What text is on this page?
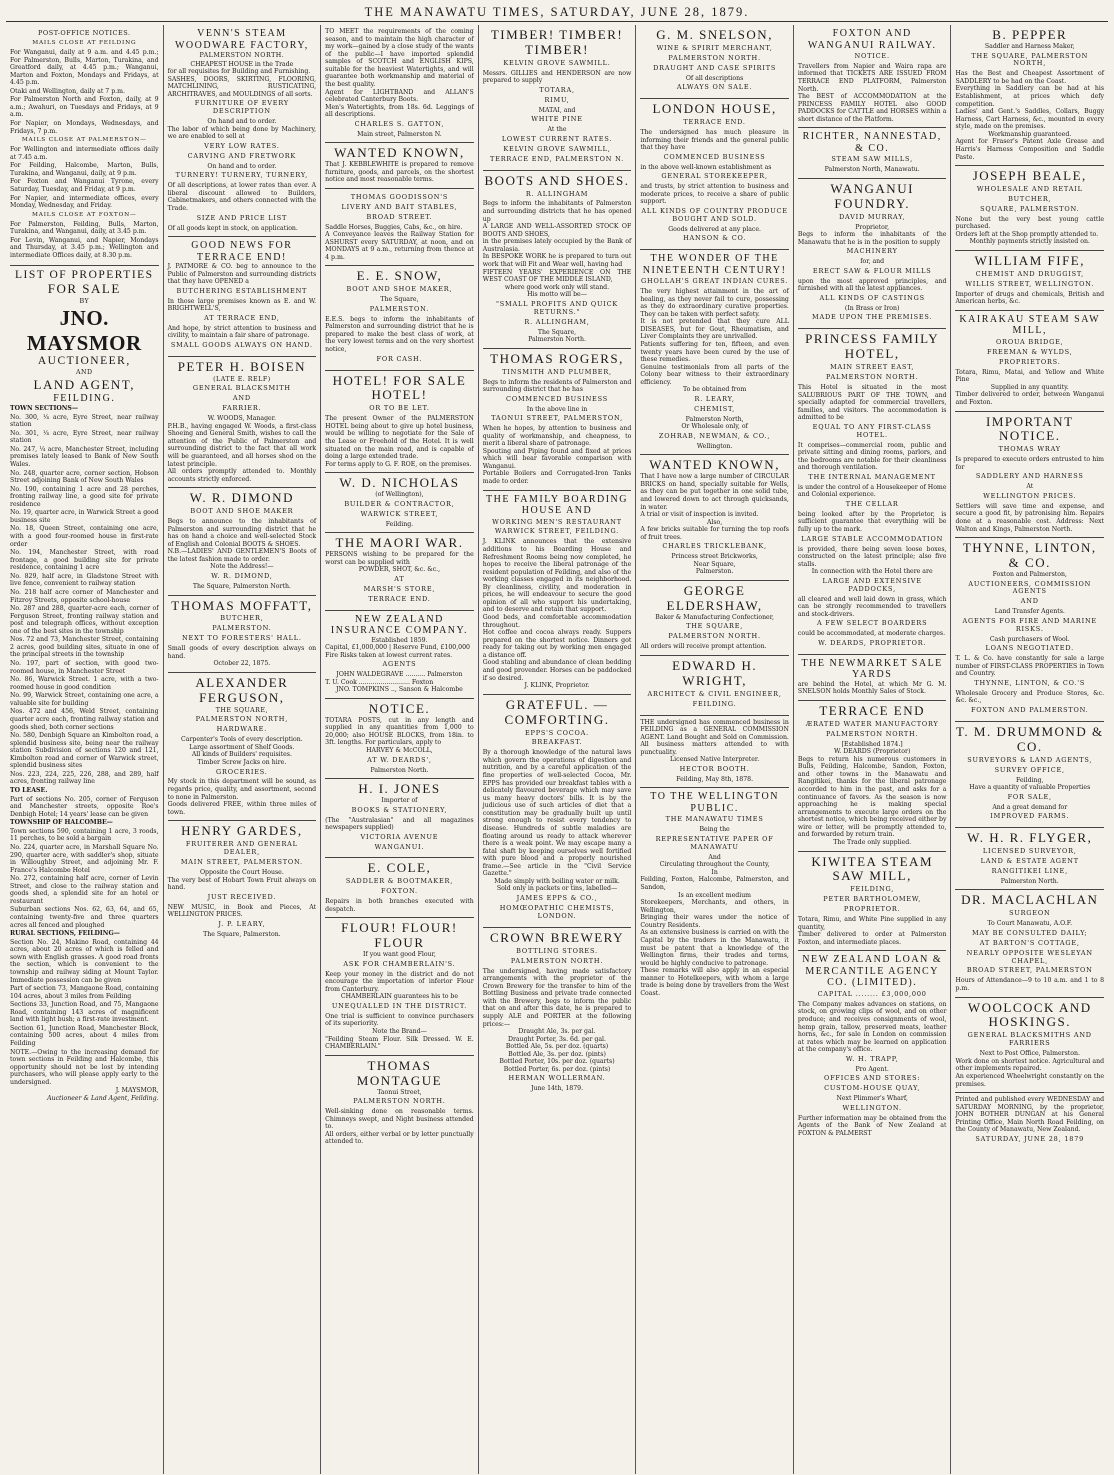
THE MANAWATU TIMES, SATURDAY, JUNE 28, 1879.
POST-OFFICE NOTICES.
MAILS CLOSE AT FEILDING
For Wanganui, daily at 9 a.m. and 4.45 p.m.; For Palmerston, Bulls, Marton, Turakina, and Greatford daily, at 4.45 p.m.; Wanganui, Marton and Foxton, Mondays and Fridays, at 4.45 p.m.
Otaki and Wellington, daily at 7 p.m.
For Palmerston North and Foxton, daily, at 9 a.m.; Awahuri, on Tuesdays and Fridays, at 9 a.m.
For Napier, on Mondays, Wednesdays, and Fridays, 7 p.m.
MAILS CLOSE AT PALMERSTON—
For Wellington and intermediate offices daily at 7.45 a.m.
For Feilding, Halcombe, Marton, Bulls, Turakina, and Wanganui, daily, at 9 p.m.
For Foxton and Wanganui Tyrone, every Saturday, Tuesday, and Friday, at 9 p.m.
For Napier, and intermediate offices, every Monday, Wednesday, and Friday.
MAILS CLOSE AT FOXTON—
For Palmerston, Feilding, Bulls, Marton, Turakina, and Wanganui, daily, at 3.45 p.m.
For Levin, Wanganui, and Napier, Mondays and Thursday, at 3.45 p.m.; Wellington and intermediate Offices daily, at 8.30 p.m.
LIST OF PROPERTIES
FOR SALE
BY
JNO. MAYSMOR
AUCTIONEER,
AND
LAND AGENT,
FEILDING.
TOWN SECTIONS—
No. 300, ¼ acre, Eyre Street, near railway station
No. 301, ¼ acre, Eyre Street, near railway station
No. 247, ¼ acre, Manchester Street, including premises lately leased to Bank of New South Wales.
No. 248, quarter acre, corner section, Hobson Street adjoining Bank of New South Wales
No. 190, containing 1 acre and 28 perches, fronting railway line, a good site for private residence
No. 19, quarter acre, in Warwick Street a good business site
No. 18, Queen Street, containing one acre, with a good four-roomed house in first-rate order
No. 194, Manchester Street, with road frontage, a good building site for private residence, containing 1 acre
No. 829, half acre, in Gladstone Street with live fence, convenient to railway station
No. 218 half acre corner of Manchester and Fitzroy Streets, opposite school-house
No. 287 and 288, quarter-acre each, corner of Ferguson Street, fronting railway station and post and telegraph offices, without exception one of the best sites in the township
Nos. 72 and 73, Manchester Street, containing 2 acres, good building sites, situate in one of the principal streets in the township
No. 197, part of section, with good two-roomed house, in Manchester Street
No. 86, Warwick Street. 1 acre, with a two-roomed house in good condition
No. 99, Warwick Street, containing one acre, a valuable site for building
Nos. 472 and 456, Weld Street, containing quarter acre each, fronting railway station and goods shed, both corner sections
No. 580, Denbigh Square an Kimbolton road, a splendid business site, being near the railway station Subdivision of sections 120 and 121, Kimbolton road and corner of Warwick street, splendid business sites
Nos. 223, 224, 225, 226, 288, and 289, half acres, fronting railway line
TO LEASE.
Part of sections No. 205, corner of Ferguson and Manchester streets, opposite Roe's Denbigh Hotel; 14 years' lease can be given
TOWNSHIP OF HALCOMBE—
Town sections 590, containing 1 acre, 3 roods, 11 perches, to be sold a bargain
No. 224, quarter acre, in Marshall Square No. 290, quarter acre, with saddler's shop, situate in Willoughby Street, and adjoining Mr. F. France's Halcombe Hotel
No. 272, containing half acre, corner of Levin Street, and close to the railway station and goods shed, a splendid site for an hotel or restaurant
Suburban sections Nos. 62, 63, 64, and 65, containing twenty-five and three quarters acres all fenced and ploughed
RURAL SECTIONS, FEILDING—
Section No. 24, Makino Road, containing 44 acres, about 20 acres of which is felled and sown with English grasses. A good road fronts the section, which is convenient to the township and railway siding at Mount Taylor. Immediate possession can be given
Part of section 73, Mangaone Road, containing 104 acres, about 3 miles from Feilding
Sections 33, Junction Road, and 75, Mangaone Road, containing 143 acres of magnificent land with light bush; a first-rate investment.
Section 61, Junction Road, Manchester Block, containing 500 acres, about 4 miles from Feilding
NOTE.—Owing to the increasing demand for town sections in Feilding and Halcombe, this opportunity should not be lost by intending purchasers, who will please apply early to the undersigned.
J. MAYSMOR,
Auctioneer & Land Agent, Feilding.
VENN'S STEAM WOODWARE FACTORY,
PALMERSTON NORTH.
CHEAPEST HOUSE in the Trade
for all requisites for Building and Furnishing.
SASHES, DOORS, SKIRTING, FLOORING, MATCHLINING, RUSTICATING, ARCHITRAVES, and MOULDINGS of all sorts.
FURNITURE OF EVERY DESCRIPTION
On hand and to order.
The labor of which being done by Machinery, we are enabled to sell at
VERY LOW RATES.
CARVING AND FRETWORK
On hand and to order.
TURNERY! TURNERY, TURNERY,
Of all descriptions, at lower rates than ever. A liberal discount allowed to Builders, Cabinetmakers, and others connected with the Trade.
SIZE AND PRICE LIST
Of all goods kept in stock, on application.
GOOD NEWS FOR TERRACE END!
J. PATMORE & CO. beg to announce to the Public of Palmerston and surrounding districts that they have OPENED a
BUTCHERING ESTABLISHMENT
In those large premises known as E. and W. BRIGHTWELL'S,
AT TERRACE END,
And hope, by strict attention to business and civility, to maintain a fair share of patronage.
SMALL GOODS ALWAYS ON HAND.
PETER H. BOISEN
(LATE E. RELF)
GENERAL BLACKSMITH
AND
FARRIER.
W. WOODS, Manager.
P.H.B., having engaged W. Woods, a first-class Shoeing and General Smith, wishes to call the attention of the Public of Palmerston and surrounding district to the fact that all work will be guaranteed, and all horses shod on the latest principle.
All orders promptly attended to. Monthly accounts strictly enforced.
W. R. DIMOND
BOOT AND SHOE MAKER
Begs to announce to the inhabitants of Palmerston and surrounding district that he has on hand a choice and well-selected Stock of English and Colonial BOOTS & SHOES.
N.B.—LADIES' AND GENTLEMEN'S Boots of the latest fashion made to order.
Note the Address!—
W. R. DIMOND,
The Square, Palmerston North.
THOMAS MOFFATT,
BUTCHER,
PALMERSTON.
NEXT TO FORESTERS' HALL.
Small goods of every description always on hand.
October 22, 1875.
ALEXANDER FERGUSON,
THE SQUARE,
PALMERSTON NORTH,
HARDWARE.
Carpenter's Tools of every description.
Large assortment of Shelf Goods.
All kinds of Builders' requisites.
Timber Screw Jacks on hire.
GROCERIES.
My stock in this department will be sound, as regards price, quality, and assortment, second to none in Palmerston.
Goods delivered FREE, within three miles of town.
HENRY GARDES,
FRUITERER AND GENERAL DEALER,
MAIN STREET, PALMERSTON.
Opposite the Court House.
The very best of Hobart Town Fruit always on hand.
JUST RECEIVED.
NEW MUSIC, in Book and Pieces, At WELLINGTON PRICES.
J. P. LEARY,
The Square, Palmerston.
TO MEET the requirements of the coming season, and to maintain the high character of my work—gained by a close study of the wants of the public—I have imported splendid samples of SCOTCH and ENGLISH KIPS, suitable for the heaviest Watertights, and will guarantee both workmanship and material of the best quality.
Agent for LIGHTBAND and ALLAN'S celebrated Canterbury Boots.
Men's Watertights, from 18s. 6d. Leggings of all descriptions.
CHARLES S. GATTON,
Main street, Palmerston N.
WANTED KNOWN,
That J. KEBBLEWHITE is prepared to remove furniture, goods, and parcels, on the shortest notice and most reasonable terms.
THOMAS GOODISSON'S
LIVERY AND BAIT STABLES,
BROAD STREET.
Saddle Horses, Buggies, Cabs, &c., on hire.
A Conveyance leaves the Railway Station for ASHURST every SATURDAY, at noon, and on MONDAYS at 9 a.m., returning from thence at 4 p.m.
E. E. SNOW,
BOOT AND SHOE MAKER,
The Square,
PALMERSTON.
E.E.S. begs to inform the inhabitants of Palmerston and surrounding district that he is prepared to make the best class of work, at the very lowest terms and on the very shortest notice,
FOR CASH.
HOTEL! FOR SALE HOTEL!
OR TO BE LET.
The present Owner of the PALMERSTON HOTEL being about to give up hotel business, would be willing to negotiate for the Sale of the Lease or Freehold of the Hotel. It is well situated on the main road, and is capable of doing a large extended trade.
For terms apply to G. F. ROE, on the premises.
W. D. NICHOLAS
(of Wellington),
BUILDER & CONTRACTOR,
WARWICK STREET,
Feilding.
THE MAORI WAR.
PERSONS wishing to be prepared for the worst can be supplied with
POWDER, SHOT, &c. &c.,
AT
MARSH'S STORE,
TERRACE END.
NEW ZEALAND INSURANCE COMPANY.
Established 1859.
Capital, £1,000,000 | Reserve Fund, £100,000
Fire Risks taken at lowest current rates.
AGENTS
JOHN WALDEGRAVE .......... Palmerston
T. U. Cook .......................... Foxton
JNO. TOMPKINS .., Sanson & Halcombe
NOTICE.
TOTARA POSTS, cut in any length and supplied in any quantities from 1,000 to 20,000; also HOUSE BLOCKS, from 18in. to 3ft. lengths. For particulars, apply to
HARVEY & McCOLL,
AT W. DEARDS',
Palmerston North.
H. I. JONES
Importer of
BOOKS & STATIONERY,
(The "Australasian" and all magazines newspapers supplied)
VICTORIA AVENUE
WANGANUI.
E. COLE,
SADDLER & BOOTMAKER,
FOXTON.
Repairs in both branches executed with despatch.
FLOUR! FLOUR! FLOUR
If you want good Flour,
ASK FOR CHAMBERLAIN'S.
Keep your money in the district and do not encourage the importation of inferior Flour from Canterbury.
CHAMBERLAIN guarantees his to be
UNEQUALLED IN THE DISTRICT.
One trial is sufficient to convince purchasers of its superiority.
Note the Brand—
"Feilding Steam Flour. Silk Dressed. W. E. CHAMBERLAIN."
THOMAS MONTAGUE
Taonui Street,
PALMERSTON NORTH.
Well-sinking done on reasonable terms. Chimneys swept, and Night business attended to.
All orders, either verbal or by letter punctually attended to.
TIMBER! TIMBER! TIMBER!
KELVIN GROVE SAWMILL.
Messrs. GILLIES and HENDERSON are now prepared to supply
TOTARA,
RIMU,
MATAI, and
WHITE PINE
At the
LOWEST CURRENT RATES.
KELVIN GROVE SAWMILL,
TERRACE END, PALMERSTON N.
BOOTS AND SHOES.
R. ALLINGHAM
Begs to inform the inhabitants of Palmerston and surrounding districts that he has opened up
A LARGE AND WELL-ASSORTED STOCK OF BOOTS AND SHOES,
in the premises lately occupied by the Bank of Australasia.
In BESPOKE WORK he is prepared to turn out work that will Fit and Wear well, having had
FIFTEEN YEARS' EXPERIENCE ON THE WEST COAST OF THE MIDDLE ISLAND,
where good work only will stand.
His motto will be—
"SMALL PROFITS AND QUICK RETURNS."
R. ALLINGHAM,
The Square,
Palmerston North.
THOMAS ROGERS,
TINSMITH AND PLUMBER,
Begs to inform the residents of Palmerston and surrounding district that he has
COMMENCED BUSINESS
In the above line in
TAONUI STREET, PALMERSTON,
When he hopes, by attention to business and quality of workmanship, and cheapness, to merit a liberal share of patronage.
Spouting and Piping found and fixed at prices which will bear favorable comparison with Wanganui.
Portable Boilers and Corrugated-Iron Tanks made to order.
THE FAMILY BOARDING HOUSE AND
WORKING MEN'S RESTAURANT
WARWICK STREET, FEILDING.
J. KLINK announces that the extensive additions to his Boarding House and Refreshment Rooms being now completed, he hopes to receive the liberal patronage of the resident population of Feilding, and also of the working classes engaged in its neighborhood. By cleanliness, civility, and moderation in prices, he will endeavour to secure the good opinion of all who support his undertaking, and to deserve and retain that support.
Good beds, and comfortable accommodation throughout.
Hot coffee and cocoa always ready. Suppers prepared on the shortest notice. Dinners got ready for taking out by working men engaged a distance off.
Good stabling and abundance of clean bedding and good provender. Horses can be paddocked if so desired.
J. KLINK, Proprietor.
GRATEFUL. — COMFORTING.
EPPS'S COCOA.
BREAKFAST.
By a thorough knowledge of the natural laws which govern the operations of digestion and nutrition, and by a careful application of the fine properties of well-selected Cocoa, Mr. EPPS has provided our breakfast tables with a delicately flavoured beverage which may save us many heavy doctors' bills. It is by the judicious use of such articles of diet that a constitution may be gradually built up until strong enough to resist every tendency to disease. Hundreds of subtle maladies are floating around us ready to attack wherever there is a weak point. We may escape many a fatal shaft by keeping ourselves well fortified with pure blood and a properly nourished frame.—See article in the "Civil Service Gazette."
Made simply with boiling water or milk.
Sold only in packets or tins, labelled—
JAMES EPPS & CO.,
HOMŒOPATHIC CHEMISTS, LONDON.
CROWN BREWERY
BOTTLING STORES.
PALMERSTON NORTH.
The undersigned, having made satisfactory arrangements with the proprietor of the Crown Brewery for the transfer to him of the Bottling Business and private trade connected with the Brewery, begs to inform the public that on and after this date, he is prepared to supply ALE and PORTER at the following prices:—
Draught Ale, 3s. per gal.
Draught Porter, 3s. 6d. per gal.
Bottled Ale, 5s. per doz. (quarts)
Bottled Ale, 3s. per doz. (pints)
Bottled Porter, 10s. per doz. (quarts)
Bottled Porter, 6s. per doz. (pints)
HERMAN WOLLERMAN.
June 14th, 1879.
G. M. SNELSON,
WINE & SPIRIT MERCHANT,
PALMERSTON NORTH.
DRAUGHT AND CASE SPIRITS
Of all descriptions
ALWAYS ON SALE.
LONDON HOUSE,
TERRACE END.
The undersigned has much pleasure in informing their friends and the general public that they have
COMMENCED BUSINESS
in the above well-known establishment as
GENERAL STOREKEEPER,
and trusts, by strict attention to business and moderate prices, to receive a share of public support.
ALL KINDS OF COUNTRY PRODUCE BOUGHT AND SOLD.
Goods delivered at any place.
HANSON & CO.
THE WONDER OF THE NINETEENTH CENTURY!
GHOLLAH'S GREAT INDIAN CURES.
The very highest attainment in the art of healing, as they never fail to cure, possessing as they do extraordinary curative properties. They can be taken with perfect safety.
It is not pretended that they cure ALL DISEASES, but for Gout, Rheumatism, and Liver Complaints they are unrivalled.
Patients suffering for ten, fifteen, and even twenty years have been cured by the use of these remedies.
Genuine testimonials from all parts of the Colony bear witness to their extraordinary efficiency.
To be obtained from
R. LEARY,
CHEMIST,
Palmerston North,
Or Wholesale only, of
ZOHRAB, NEWMAN, & CO.,
Wellington.
WANTED KNOWN,
That I have now a large number of CIRCULAR BRICKS on hand, specially suitable for Wells, as they can be put together in one solid tube, and lowered down to act through quicksands, in water.
A trial or visit of inspection is invited.
Also,
A few bricks suitable for turning the top roofs of fruit trees.
CHARLES TRICKLEBANK,
Princess street Brickworks,
Near Square,
Palmerston.
GEORGE ELDERSHAW,
Baker & Manufacturing Confectioner,
THE SQUARE,
PALMERSTON NORTH.
All orders will receive prompt attention.
EDWARD H. WRIGHT,
ARCHITECT & CIVIL ENGINEER,
FEILDING.
THE undersigned has commenced business in FEILDING as a GENERAL COMMISSION AGENT. Land Bought and Sold on Commission. All business matters attended to with punctuality.
Licensed Native Interpreter.
HECTOR BOOTH.
Feilding, May 8th, 1878.
TO THE WELLINGTON PUBLIC.
THE MANAWATU TIMES
Being the
REPRESENTATIVE PAPER OF MANAWATU
And
Circulating throughout the County,
In
Feilding, Foxton, Halcombe, Palmerston, and Sandon,
Is an excellent medium
Storekeepers, Merchants, and others, in Wellington,
Bringing their wares under the notice of Country Residents.
As an extensive business is carried on with the Capital by the traders in the Manawatu, it must be patent that a knowledge of the Wellington firms, their trades and terms, would be highly conducive to patronage.
These remarks will also apply in an especial manner to Hotelkeepers, with whom a large trade is being done by travellers from the West Coast.
FOXTON AND WANGANUI RAILWAY.
NOTICE.
Travellers from Napier and Waira rapa are informed that TICKETS ARE ISSUED FROM TERRACE END PLATFORM, Palmerston North.
The BEST of ACCOMMODATION at the PRINCESS FAMILY HOTEL also GOOD PADDOCKS for CATTLE and HORSES within a short distance of the Platform.
RICHTER, NANNESTAD, & CO.
STEAM SAW MILLS,
Palmerston North, Manawatu.
WANGANUI FOUNDRY.
DAVID MURRAY,
Proprietor,
Begs to inform the inhabitants of the Manawatu that he is in the position to supply
MACHINERY
for, and
ERECT SAW & FLOUR MILLS
upon the most approved principles, and furnished with all the latest appliances.
ALL KINDS OF CASTINGS
(In Brass or Iron)
MADE UPON THE PREMISES.
PRINCESS FAMILY HOTEL,
MAIN STREET EAST,
PALMERSTON NORTH.
This Hotel is situated in the most SALUBRIOUS PART OF THE TOWN, and specially adapted for commercial travellers, families, and visitors. The accommodation is admitted to be
EQUAL TO ANY FIRST-CLASS HOTEL.
It comprises—commercial room, public and private sitting and dining rooms, parlors, and the bedrooms are notable for their cleanliness and thorough ventilation.
THE INTERNAL MANAGEMENT
is under the control of a Housekeeper of Home and Colonial experience.
THE CELLAR
being looked after by the Proprietor, is sufficient guarantee that everything will be fully up to the mark.
LARGE STABLE ACCOMMODATION
is provided, there being seven loose boxes, constructed on the latest principle; also five stalls.
In connection with the Hotel there are
LARGE AND EXTENSIVE PADDOCKS,
all cleared and well laid down in grass, which can be strongly recommended to travellers and stock-drivers.
A FEW SELECT BOARDERS
could be accommodated, at moderate charges.
W. DEARDS, PROPRIETOR.
THE NEWMARKET SALE YARDS
are behind the Hotel, at which Mr G. M. SNELSON holds Monthly Sales of Stock.
TERRACE END
ÆRATED WATER MANUFACTORY
PALMERSTON NORTH.
[Established 1874.]
W. DEARDS (Proprietor)
Begs to return his numerous customers in Bulls, Feilding, Halcombe, Sandon, Foxton, and other towns in the Manawatu and Rangitikei, thanks for the liberal patronage accorded to him in the past, and asks for a continuance of favors. As the season is now approaching he is making special arrangements to execute large orders on the shortest notice, which being received either by wire or letter, will be promptly attended to, and forwarded by return train.
The Trade only supplied.
KIWITEA STEAM SAW MILL,
FEILDING,
PETER BARTHOLOMEW,
PROPRIETOR.
Totara, Rimu, and White Pine supplied in any quantity,
Timber delivered to order at Palmerston Foxton, and intermediate places.
NEW ZEALAND LOAN & MERCANTILE AGENCY CO. (LIMITED).
CAPITAL ........ £3,000,000
The Company makes advances on stations, on stock, on growing clips of wool, and on other produce; and receives consignments of wool, hemp grain, tallow, preserved meats, leather horns, &c., for sale in London on commission at rates which may be learned on application at the company's office.
W. H. TRAPP,
Pro Agent.
OFFICES AND STORES:
CUSTOM-HOUSE QUAY,
Next Plimmer's Wharf,
WELLINGTON.
Further information may be obtained from the Agents of the Bank of New Zealand at FOXTON & PALMERST
B. PEPPER
Saddler and Harness Maker,
THE SQUARE, PALMERSTON NORTH,
Has the Best and Cheapest Assortment of SADDLERY to be had on the Coast.
Everything in Saddlery can be had at his Establishment, at prices which defy competition.
Ladies' and Gent.'s Saddles, Collars, Buggy Harness, Cart Harness, &c., mounted in every style, made on the premises.
Workmanship guaranteed.
Agent for Fraser's Patent Axle Grease and Harris's Harness Composition and Saddle Paste.
JOSEPH BEALE,
WHOLESALE AND RETAIL
BUTCHER,
SQUARE, PALMERSTON.
None but the very best young cattle purchased.
Orders left at the Shop promptly attended to.
Monthly payments strictly insisted on.
WILLIAM FIFE,
CHEMIST AND DRUGGIST,
WILLIS STREET, WELLINGTON.
Importer of drugs and chemicals, British and American herbs, &c.
KAIRAKAU STEAM SAW MILL,
OROUA BRIDGE,
FREEMAN & WYLDS,
PROPRIETORS.
Totara, Rimu, Matai, and Yellow and White Pine
Supplied in any quantity.
Timber delivered to order, between Wanganui and Foxton.
IMPORTANT NOTICE.
THOMAS WRAY
Is prepared to execute orders entrusted to him for
SADDLERY AND HARNESS
At
WELLINGTON PRICES.
Settlers will save time and expense, and secure a good fit, by patronising him. Repairs done at a reasonable cost. Address: Next Walton and Kings, Palmerston North.
THYNNE, LINTON, & CO.
Foxton and Palmerston,
AUCTIONEERS, COMMISSION AGENTS
AND
Land Transfer Agents.
AGENTS FOR FIRE AND MARINE RISKS.
Cash purchasers of Wool.
LOANS NEGOTIATED.
T. L. & Co. have constantly for sale a large number of FIRST-CLASS PROPERTIES in Town and Country.
THYNNE, LINTON, & CO.'S
Wholesale Grocery and Produce Stores, &c. &c. &c.,
FOXTON AND PALMERSTON.
T. M. DRUMMOND & CO.
SURVEYORS & LAND AGENTS,
SURVEY OFFICE,
Feilding,
Have a quantity of valuable Properties
FOR SALE,
And a great demand for
IMPROVED FARMS.
W. H. R. FLYGER,
LICENSED SURVEYOR,
LAND & ESTATE AGENT
RANGITIKEI LINE,
Palmerston North.
DR. MACLACHLAN
SURGEON
To Court Manawatu, A.O.F.
MAY BE CONSULTED DAILY;
AT BARTON'S COTTAGE,
NEARLY OPPOSITE WESLEYAN CHAPEL,
BROAD STREET, PALMERSTON
Hours of Attendance—9 to 10 a.m. and 1 to 8 p.m.
WOOLCOCK AND HOSKINGS.
GENERAL BLACKSMITHS AND FARRIERS
Next to Post Office, Palmerston.
Work done on shortest notice. Agricultural and other implements repaired.
An experienced Wheelwright constantly on the premises.
Printed and published every WEDNESDAY and SATURDAY MORNING, by the proprietor, JOHN BOTHER DUNGAN at his General Printing Office, Main North Road Feilding, on the County of Manawatu, New Zealand.
SATURDAY, JUNE 28, 1879
